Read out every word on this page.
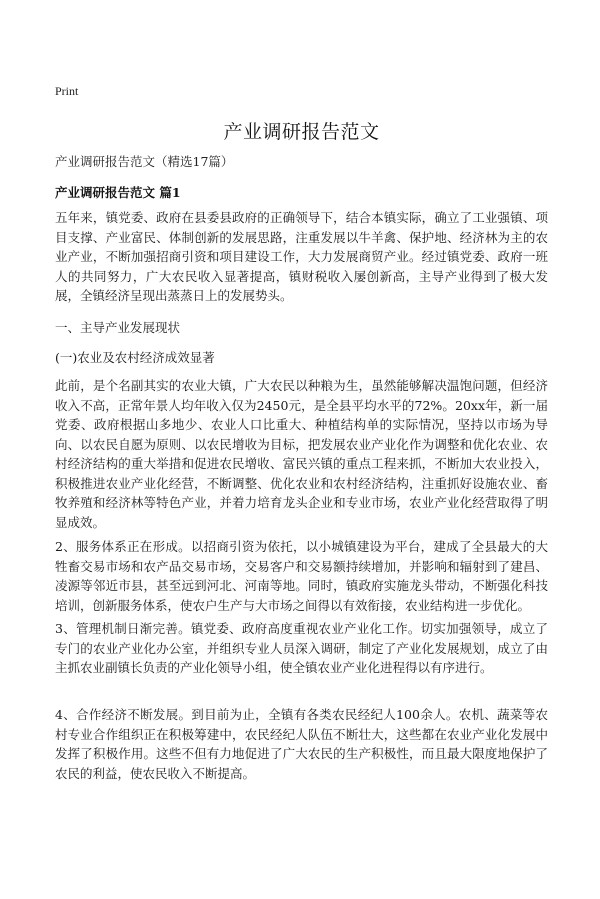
Print
产业调研报告范文
产业调研报告范文（精选17篇）
产业调研报告范文 篇1

五年来，镇党委、政府在县委县政府的正确领导下，结合本镇实际，确立了工业强镇、项目支撑、产业富民、体制创新的发展思路，注重发展以牛羊禽、保护地、经济林为主的农业产业，不断加强招商引资和项目建设工作，大力发展商贸产业。经过镇党委、政府一班人的共同努力，广大农民收入显著提高，镇财税收入屡创新高，主导产业得到了极大发展，全镇经济呈现出蒸蒸日上的发展势头。

一、主导产业发展现状

(一)农业及农村经济成效显著

此前，是个名副其实的农业大镇，广大农民以种粮为生，虽然能够解决温饱问题，但经济收入不高，正常年景人均年收入仅为2450元，是全县平均水平的72%。20xx年，新一届党委、政府根据山多地少、农业人口比重大、种植结构单的实际情况，坚持以市场为导向、以农民自愿为原则、以农民增收为目标，把发展农业产业化作为调整和优化农业、农村经济结构的重大举措和促进农民增收、富民兴镇的重点工程来抓，不断加大农业投入，积极推进农业产业化经营，不断调整、优化农业和农村经济结构，注重抓好设施农业、畜牧养殖和经济林等特色产业，并着力培育龙头企业和专业市场，农业产业化经营取得了明显成效。

2、服务体系正在形成。以招商引资为依托，以小城镇建设为平台，建成了全县最大的大牲畜交易市场和农产品交易市场，交易客户和交易额持续增加，并影响和辐射到了建昌、凌源等邻近市县，甚至远到河北、河南等地。同时，镇政府实施龙头带动，不断强化科技培训，创新服务体系，使农户生产与大市场之间得以有效衔接，农业结构进一步优化。

3、管理机制日渐完善。镇党委、政府高度重视农业产业化工作。切实加强领导，成立了专门的农业产业化办公室，并组织专业人员深入调研，制定了产业化发展规划，成立了由主抓农业副镇长负责的产业化领导小组，使全镇农业产业化进程得以有序进行。

4、合作经济不断发展。到目前为止，全镇有各类农民经纪人100余人。农机、蔬菜等农村专业合作组织正在积极筹建中，农民经纪人队伍不断壮大，这些都在农业产业化发展中发挥了积极作用。这些不但有力地促进了广大农民的生产积极性，而且最大限度地保护了农民的利益，使农民收入不断提高。
